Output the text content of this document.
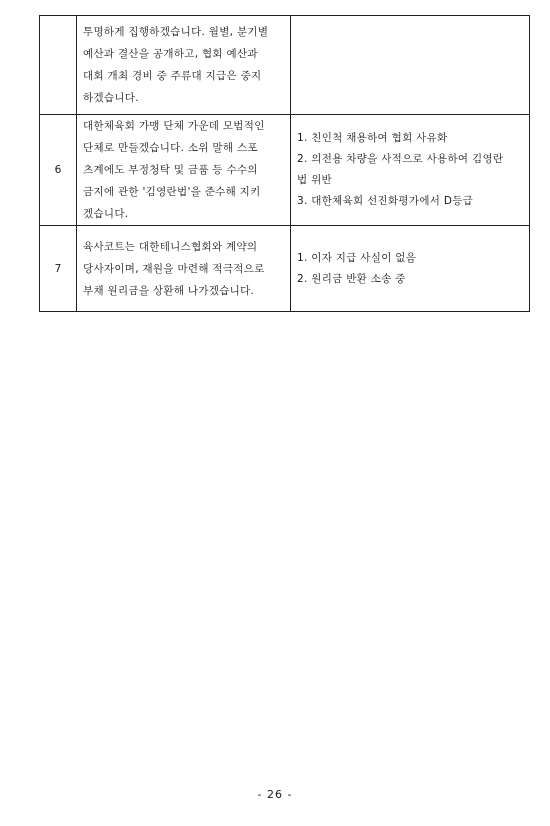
	투명하게 집행하겠습니다. 월별, 분기별
예산과 결산을 공개하고, 협회 예산과
대회 개최 경비 중 주류대 지급은 중지
하겠습니다.	

6	대한체육회 가맹 단체 가운데 모범적인
단체로 만들겠습니다. 소위 말해 스포
츠계에도 부정청탁 및 금품 등 수수의
금지에 관한 '김영란법'을 준수해 지키
겠습니다.	1. 친인척 채용하여 협회 사유화
2. 의전용 차량을 사적으로 사용하여 김영란
법 위반
3. 대한체육회 선진화평가에서 D등급

7	육사코트는 대한테니스협회와 계약의
당사자이며, 재원을 마련해 적극적으로
부채 원리금을 상환해 나가겠습니다.	1. 이자 지급 사실이 없음
2. 원리금 반환 소송 중
- 26 -
